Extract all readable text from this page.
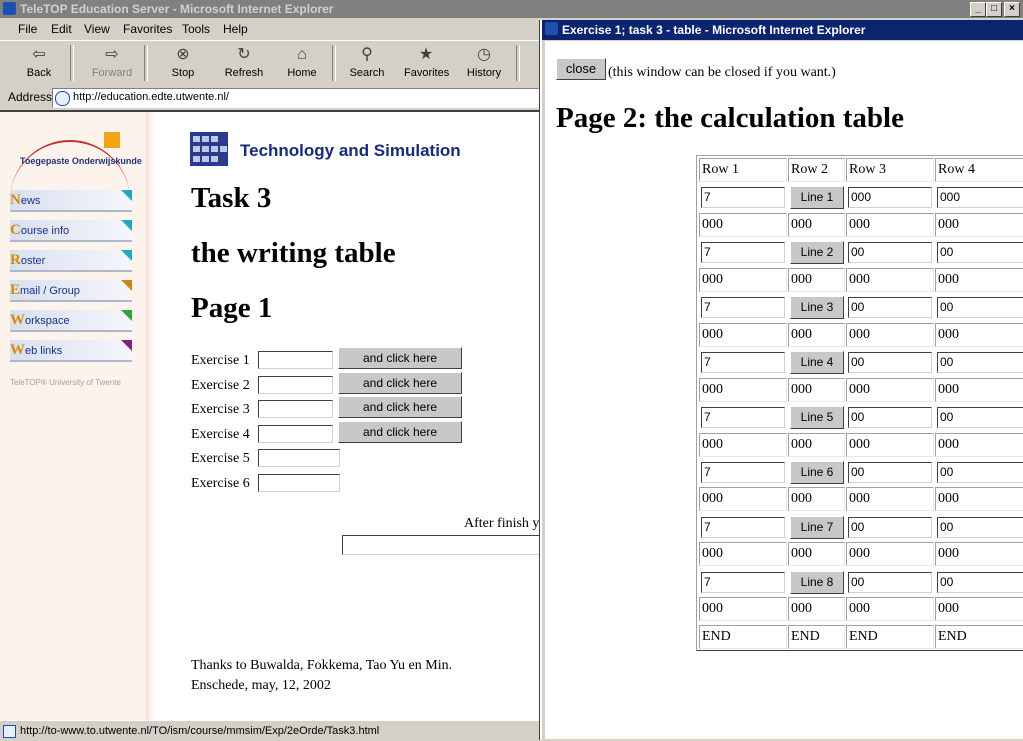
TeleTOP Education Server - Microsoft Internet Explorer	_	□	×
File Edit View Favorites Tools Help
⇦
Back
⇨
Forward
⊗
Stop
↻
Refresh
⌂
Home
⚲
Search
★
Favorites
◷
History
Address http://education.edte.utwente.nl/
Toegepaste Onderwijskunde
News
Course info
Roster
Email / Group
Workspace
Web links
TeleTOP® University of Twente
Technology and Simulation
Task 3
the writing table
Page 1
Exercise 1	and click here
Exercise 2	and click here
Exercise 3	and click here
Exercise 4	and click here
Exercise 5
Exercise 6
After finish y
Thanks to Buwalda, Fokkema, Tao Yu en Min.
Enschede, may, 12, 2002
http://to-www.to.utwente.nl/TO/ism/course/mmsim/Exp/2eOrde/Task3.html
Exercise 1; task 3 - table - Microsoft Internet Explorer
close (this window can be closed if you want.)
Page 2: the calculation table
Row 1	Row 2	Row 3	Row 4
7	Line 1	000	000
000	000	000	000
7	Line 2	00	00
000	000	000	000
7	Line 3	00	00
000	000	000	000
7	Line 4	00	00
000	000	000	000
7	Line 5	00	00
000	000	000	000
7	Line 6	00	00
000	000	000	000
7	Line 7	00	00
000	000	000	000
7	Line 8	00	00
000	000	000	000
END	END	END	END
